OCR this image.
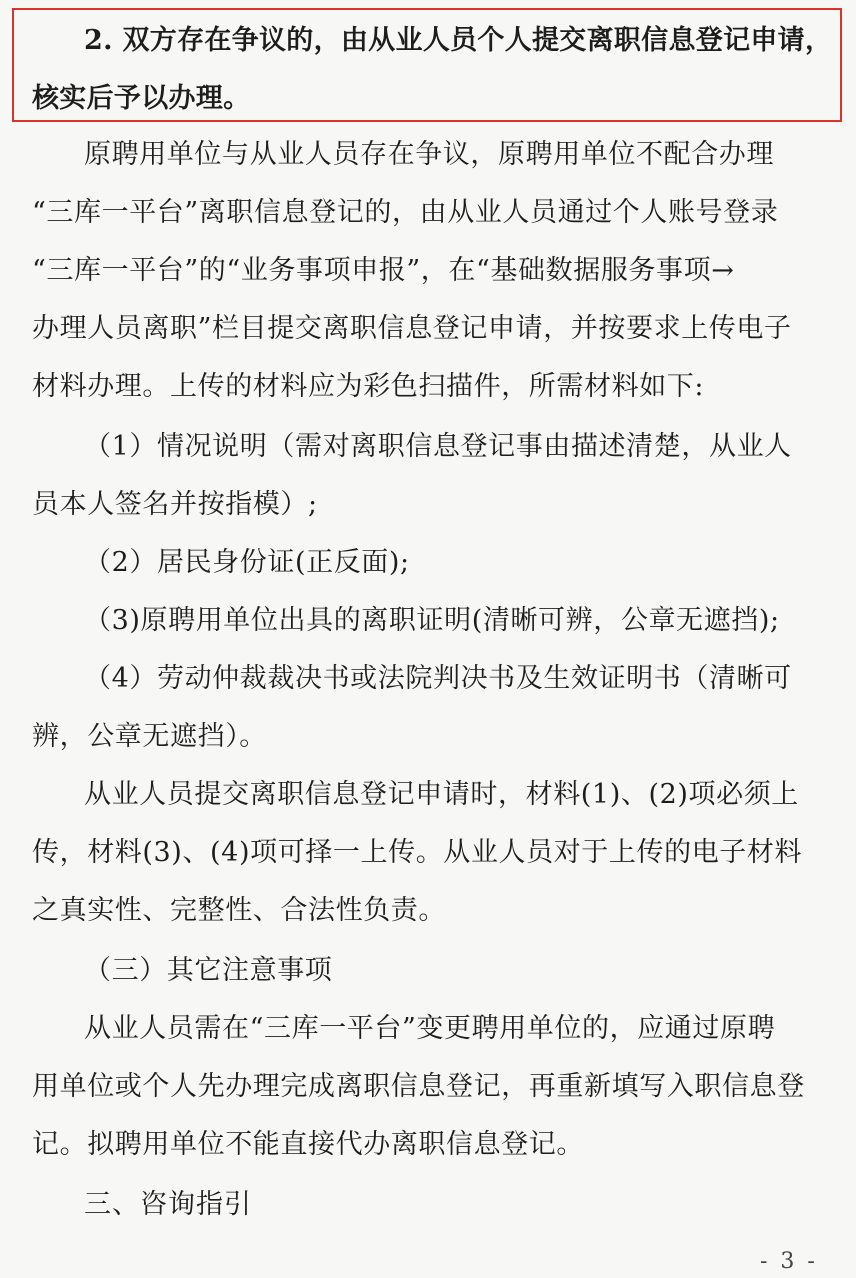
2. 双方存在争议的，由从业人员个人提交离职信息登记申请，

核实后予以办理。

原聘用单位与从业人员存在争议，原聘用单位不配合办理

“三库一平台”离职信息登记的，由从业人员通过个人账号登录

“三库一平台”的“业务事项申报”，在“基础数据服务事项→

办理人员离职”栏目提交离职信息登记申请，并按要求上传电子

材料办理。上传的材料应为彩色扫描件，所需材料如下:

（1）情况说明（需对离职信息登记事由描述清楚，从业人

员本人签名并按指模）;

（2）居民身份证(正反面);

（3)原聘用单位出具的离职证明(清晰可辨，公章无遮挡);

（4）劳动仲裁裁决书或法院判决书及生效证明书（清晰可

辨，公章无遮挡）。

从业人员提交离职信息登记申请时，材料(1)、(2)项必须上

传，材料(3)、(4)项可择一上传。从业人员对于上传的电子材料

之真实性、完整性、合法性负责。

（三）其它注意事项

从业人员需在“三库一平台”变更聘用单位的，应通过原聘

用单位或个人先办理完成离职信息登记，再重新填写入职信息登

记。拟聘用单位不能直接代办离职信息登记。

三、咨询指引

- 3 -
